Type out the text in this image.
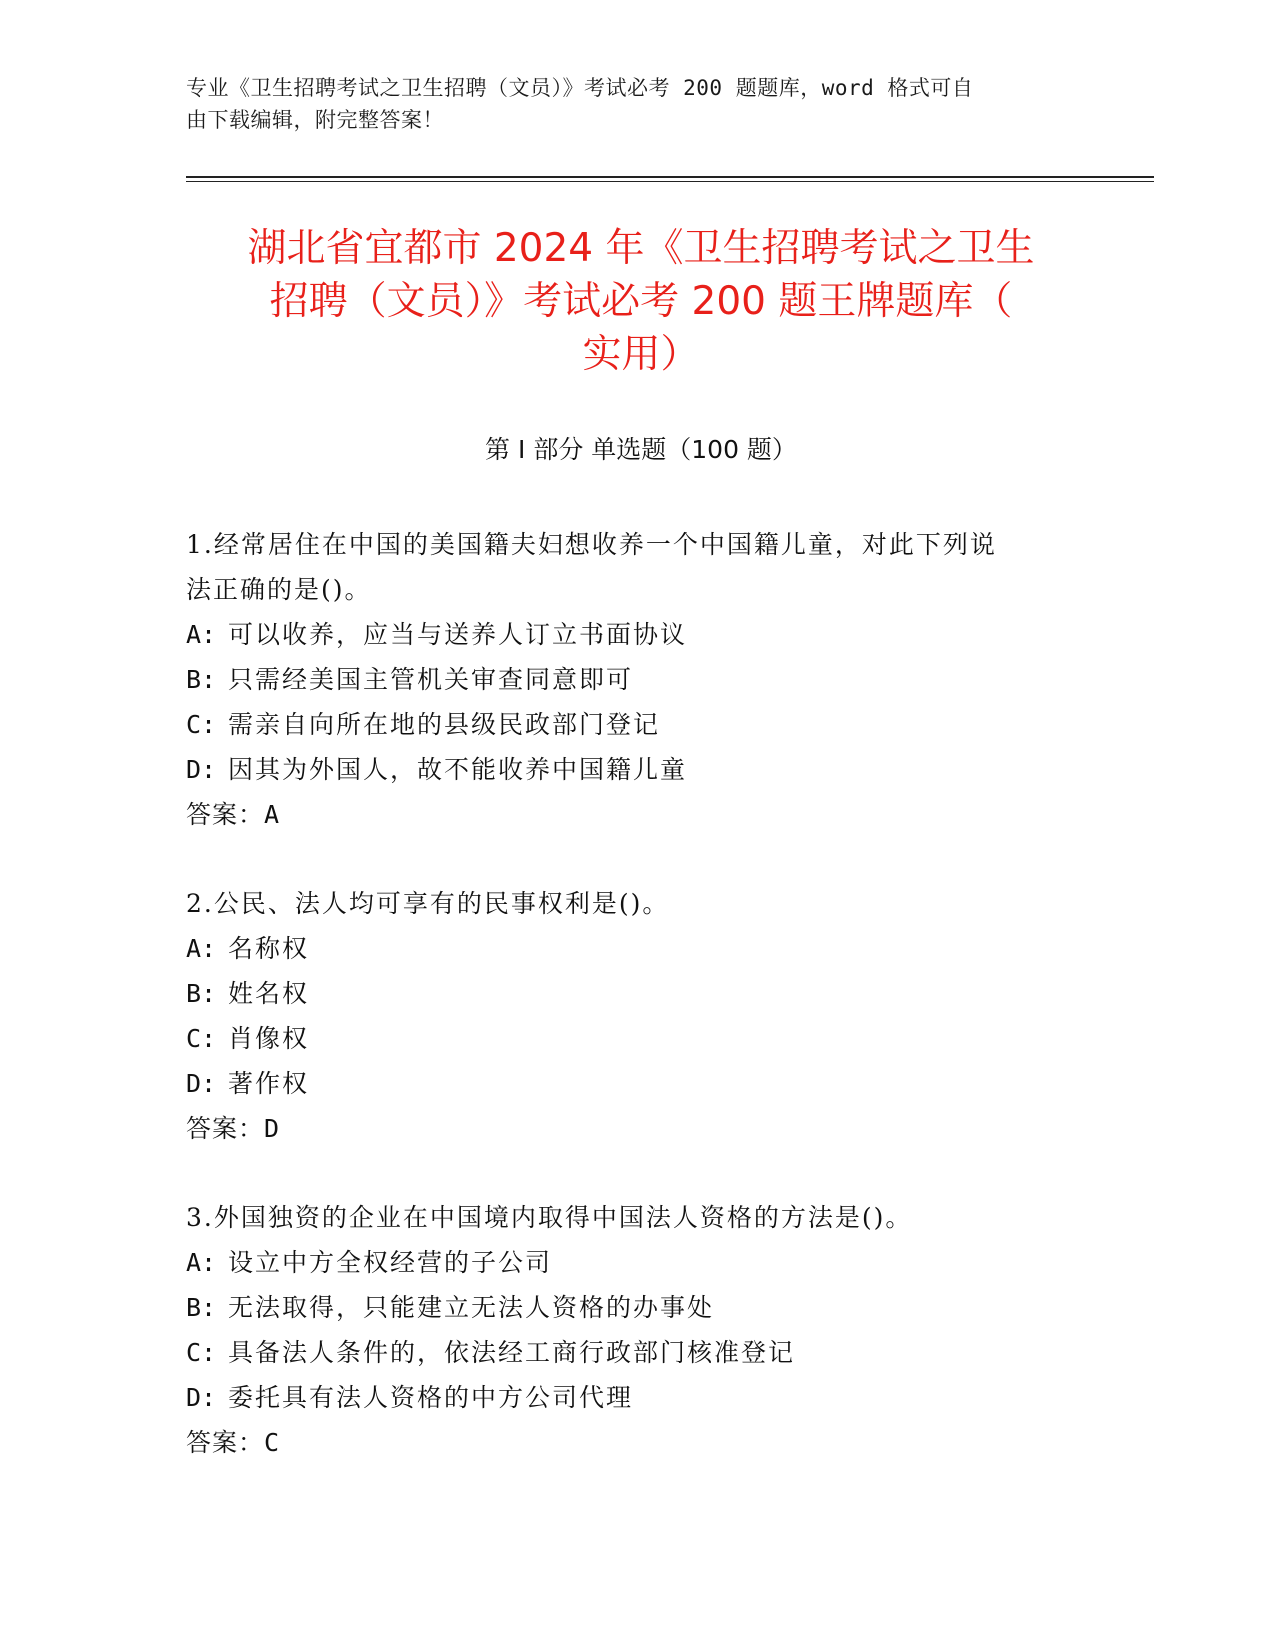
专业《卫生招聘考试之卫生招聘（文员）》考试必考 200 题题库，word 格式可自
由下载编辑，附完整答案！
湖北省宜都市 2024 年《卫生招聘考试之卫生
招聘（文员）》考试必考 200 题王牌题库（
实用）
第 I 部分 单选题（100 题）
1.经常居住在中国的美国籍夫妇想收养一个中国籍儿童，对此下列说
法正确的是()。
A: 可以收养，应当与送养人订立书面协议
B: 只需经美国主管机关审查同意即可
C: 需亲自向所在地的县级民政部门登记
D: 因其为外国人，故不能收养中国籍儿童
答案：A
2.公民、法人均可享有的民事权利是()。
A: 名称权
B: 姓名权
C: 肖像权
D: 著作权
答案：D
3.外国独资的企业在中国境内取得中国法人资格的方法是()。
A: 设立中方全权经营的子公司
B: 无法取得，只能建立无法人资格的办事处
C: 具备法人条件的，依法经工商行政部门核准登记
D: 委托具有法人资格的中方公司代理
答案：C
